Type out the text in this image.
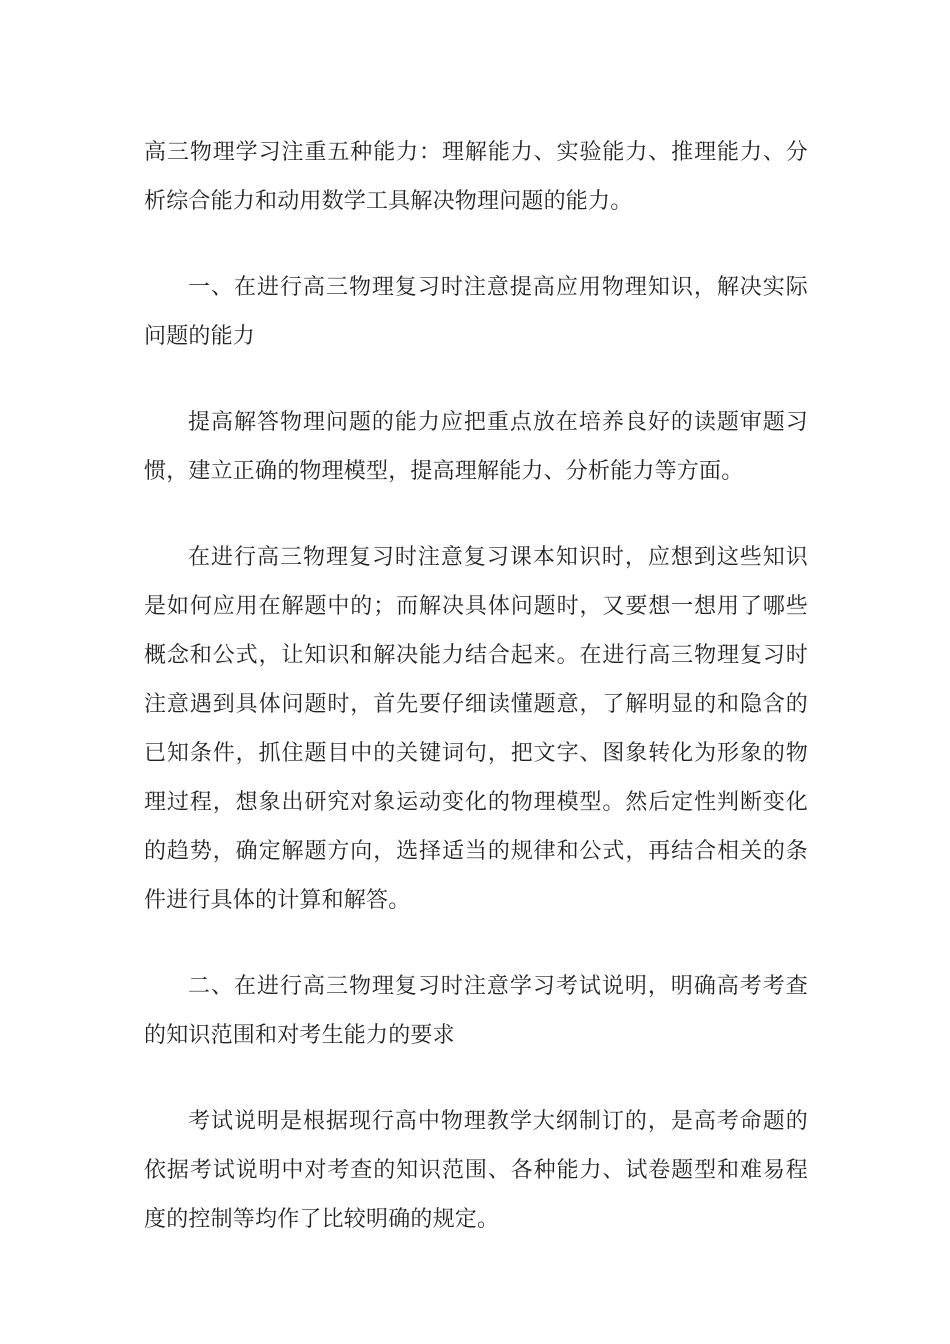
高三物理学习注重五种能力：理解能力、实验能力、推理能力、分析综合能力和动用数学工具解决物理问题的能力。

一、在进行高三物理复习时注意提高应用物理知识，解决实际问题的能力

提高解答物理问题的能力应把重点放在培养良好的读题审题习惯，建立正确的物理模型，提高理解能力、分析能力等方面。

在进行高三物理复习时注意复习课本知识时，应想到这些知识是如何应用在解题中的；而解决具体问题时，又要想一想用了哪些概念和公式，让知识和解决能力结合起来。在进行高三物理复习时注意遇到具体问题时，首先要仔细读懂题意，了解明显的和隐含的已知条件，抓住题目中的关键词句，把文字、图象转化为形象的物理过程，想象出研究对象运动变化的物理模型。然后定性判断变化的趋势，确定解题方向，选择适当的规律和公式，再结合相关的条件进行具体的计算和解答。

二、在进行高三物理复习时注意学习考试说明，明确高考考查的知识范围和对考生能力的要求

考试说明是根据现行高中物理教学大纲制订的，是高考命题的依据考试说明中对考查的知识范围、各种能力、试卷题型和难易程度的控制等均作了比较明确的规定。
